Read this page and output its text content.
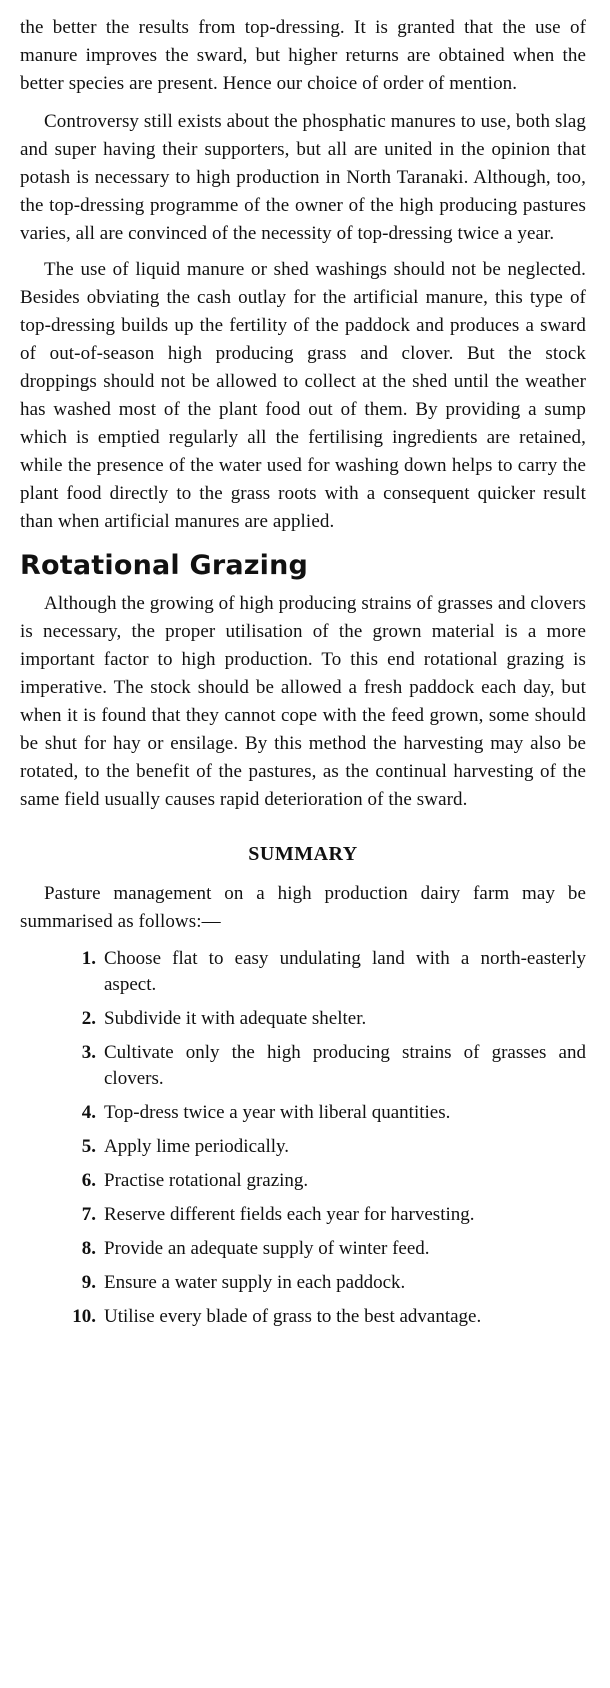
the better the results from top-dressing. It is granted that the use of manure improves the sward, but higher returns are obtained when the better species are present. Hence our choice of order of mention.

Controversy still exists about the phosphatic manures to use, both slag and super having their supporters, but all are united in the opinion that potash is necessary to high production in North Taranaki. Although, too, the top-dressing programme of the owner of the high producing pastures varies, all are convinced of the necessity of top-dressing twice a year.

The use of liquid manure or shed washings should not be neglected. Besides obviating the cash outlay for the artificial manure, this type of top-dressing builds up the fertility of the paddock and produces a sward of out-of-season high producing grass and clover. But the stock droppings should not be allowed to collect at the shed until the weather has washed most of the plant food out of them. By providing a sump which is emptied regularly all the fertilising ingredients are retained, while the presence of the water used for washing down helps to carry the plant food directly to the grass roots with a consequent quicker result than when artificial manures are applied.

Rotational Grazing

Although the growing of high producing strains of grasses and clovers is necessary, the proper utilisation of the grown material is a more important factor to high production. To this end rotational grazing is imperative. The stock should be allowed a fresh paddock each day, but when it is found that they cannot cope with the feed grown, some should be shut for hay or ensilage. By this method the harvesting may also be rotated, to the benefit of the pastures, as the continual harvesting of the same field usually causes rapid deterioration of the sward.

SUMMARY

Pasture management on a high production dairy farm may be summarised as follows:—

1. Choose flat to easy undulating land with a north-easterly aspect.
2. Subdivide it with adequate shelter.
3. Cultivate only the high producing strains of grasses and clovers.
4. Top-dress twice a year with liberal quantities.
5. Apply lime periodically.
6. Practise rotational grazing.
7. Reserve different fields each year for harvesting.
8. Provide an adequate supply of winter feed.
9. Ensure a water supply in each paddock.
10. Utilise every blade of grass to the best advantage.
